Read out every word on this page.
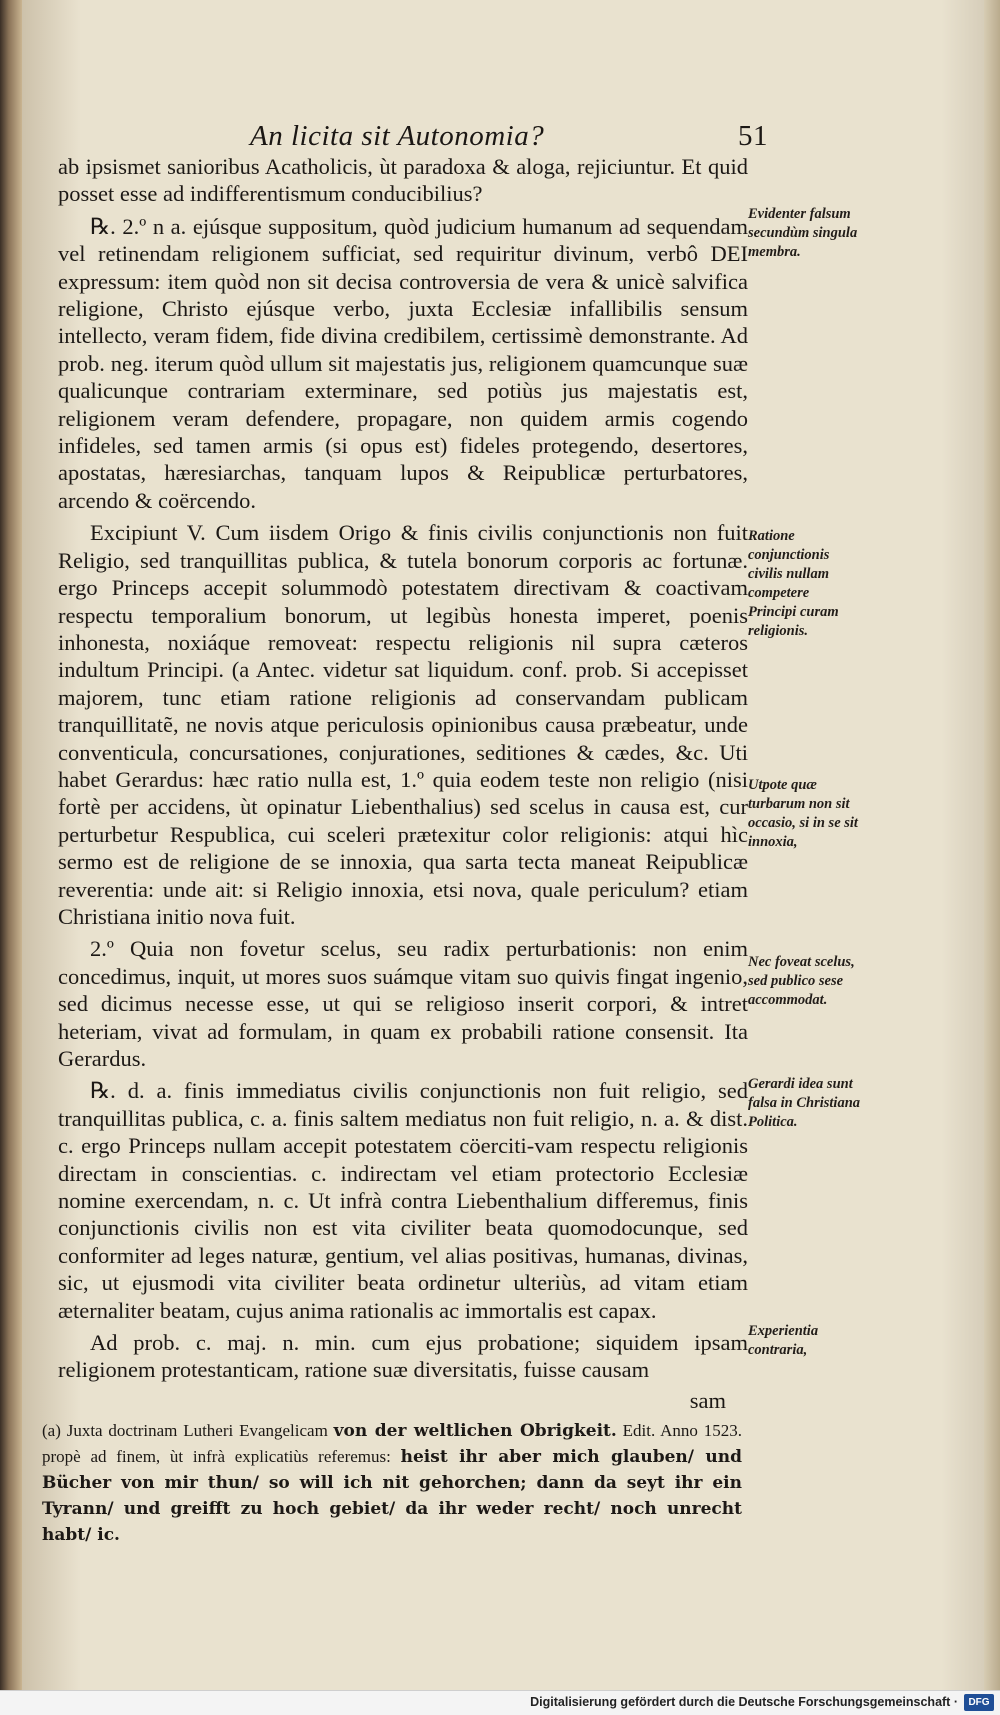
An licita sit Autonomia?	51

ab ipsismet sanioribus Acatholicis, ùt paradoxa & aloga, rejiciuntur. Et quid posset esse ad indifferentismum conducibilius?

℞. 2.º n a. ejúsque suppositum, quòd judicium humanum ad sequendam vel retinendam religionem sufficiat, sed requiritur divinum, verbô DEI expressum: item quòd non sit decisa controversia de vera & unicè salvifica religione, Christo ejúsque verbo, juxta Ecclesiæ infallibilis sensum intellecto, veram fidem, fide divina credibilem, certissimè demonstrante. Ad prob. neg. iterum quòd ullum sit majestatis jus, religionem quamcunque suæ qualicunque contrariam exterminare, sed potiùs jus majestatis est, religionem veram defendere, propagare, non quidem armis cogendo infideles, sed tamen armis (si opus est) fideles protegendo, desertores, apostatas, hæresiarchas, tanquam lupos & Reipublicæ perturbatores, arcendo & coërcendo.

Excipiunt V. Cum iisdem Origo & finis civilis conjunctionis non fuit Religio, sed tranquillitas publica, & tutela bonorum corporis ac fortunæ. ergo Princeps accepit solummodò potestatem directivam & coactivam respectu temporalium bonorum, ut legibùs honesta imperet, poenis inhonesta, noxiáque removeat: respectu religionis nil supra cæteros indultum Principi. (a Antec. videtur sat liquidum. conf. prob. Si accepisset majorem, tunc etiam ratione religionis ad conservandam publicam tranquillitatẽ, ne novis atque periculosis opinionibus causa præbeatur, unde conventicula, concursationes, conjurationes, seditiones & cædes, &c. Uti habet Gerardus: hæc ratio nulla est, 1.º quia eodem teste non religio (nisi fortè per accidens, ùt opinatur Liebenthalius) sed scelus in causa est, cur perturbetur Respublica, cui sceleri prætexitur color religionis: atqui hìc sermo est de religione de se innoxia, qua sarta tecta maneat Reipublicæ reverentia: unde ait: si Religio innoxia, etsi nova, quale periculum? etiam Christiana initio nova fuit.

2.º Quia non fovetur scelus, seu radix perturbationis: non enim concedimus, inquit, ut mores suos suámque vitam suo quivis fingat ingenio, sed dicimus necesse esse, ut qui se religioso inserit corpori, & intret heteriam, vivat ad formulam, in quam ex probabili ratione consensit. Ita Gerardus.

℞. d. a. finis immediatus civilis conjunctionis non fuit religio, sed tranquillitas publica, c. a. finis saltem mediatus non fuit religio, n. a. & dist. c. ergo Princeps nullam accepit potestatem cöerciti-vam respectu religionis directam in conscientias. c. indirectam vel etiam protectorio Ecclesiæ nomine exercendam, n. c. Ut infrà contra Liebenthalium differemus, finis conjunctionis civilis non est vita civiliter beata quomodocunque, sed conformiter ad leges naturæ, gentium, vel alias positivas, humanas, divinas, sic, ut ejusmodi vita civiliter beata ordinetur ulteriùs, ad vitam etiam æternaliter beatam, cujus anima rationalis ac immortalis est capax.

Ad prob. c. maj. n. min. cum ejus probatione; siquidem ipsam religionem protestanticam, ratione suæ diversitatis, fuisse causam

sam
Evidenter falsum secundùm singula membra.
Ratione conjunctionis civilis nullam competere Principi curam religionis.
Utpote quæ turbarum non sit occasio, si in se sit innoxia,
Nec foveat scelus, sed publico sese accommodat.
Gerardi idea sunt falsa in Christiana Politica.
Experientia contraria,
(a) Juxta doctrinam Lutheri Evangelicam von der weltlichen Obrigkeit. Edit. Anno 1523. propè ad finem, ùt infrà explicatiùs referemus: heist ihr aber mich glauben/ und Bücher von mir thun/ so will ich nit gehorchen; dann da seyt ihr ein Tyrann/ und greifft zu hoch gebiet/ da ihr weder recht/ noch unrecht habt/ ic.
Digitalisierung gefördert durch die Deutsche Forschungsgemeinschaft ·	DFG
